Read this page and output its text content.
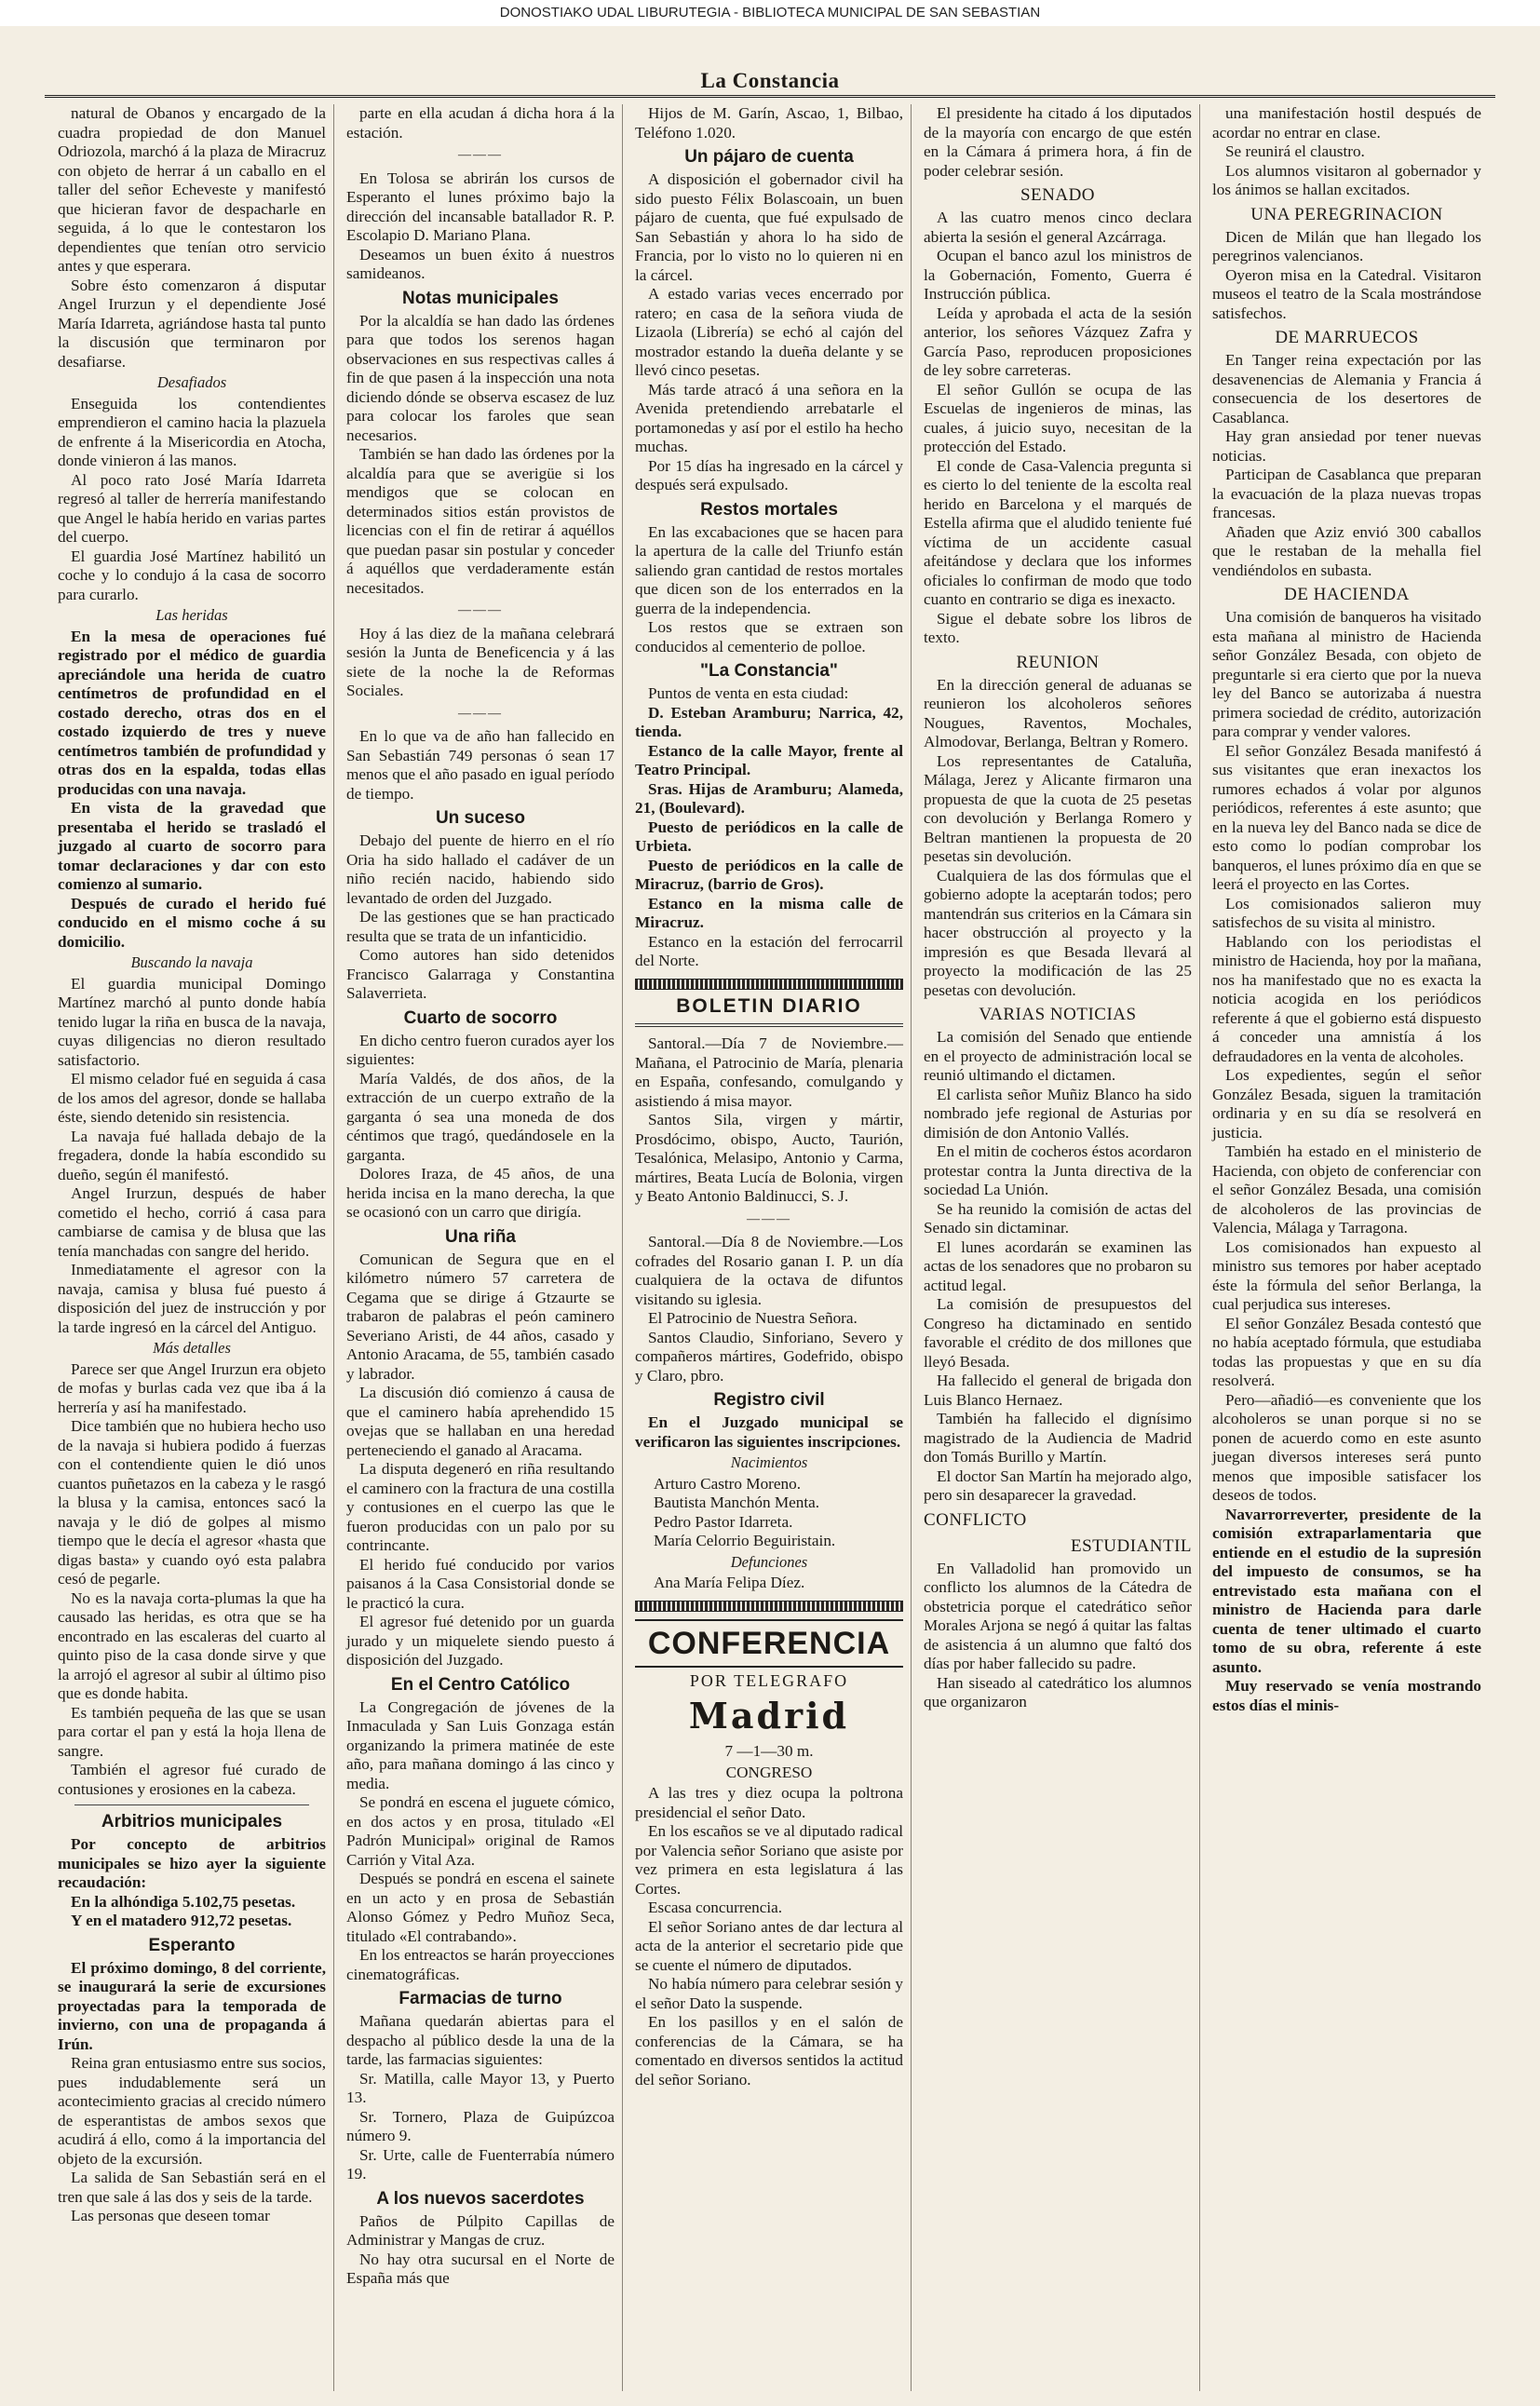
DONOSTIAKO UDAL LIBURUTEGIA - BIBLIOTECA MUNICIPAL DE SAN SEBASTIAN
La Constancia

natural de Obanos y encargado de la cuadra propiedad de don Manuel Odriozola, marchó á la plaza de Miracruz con objeto de herrar á un caballo en el taller del señor Echeveste y manifestó que hicieran favor de despacharle en seguida, á lo que le contestaron los dependientes que tenían otro servicio antes y que esperara.

Sobre ésto comenzaron á disputar Angel Irurzun y el dependiente José María Idarreta, agriándose hasta tal punto la discusión que terminaron por desafiarse.

Desafiados

Enseguida los contendientes emprendieron el camino hacia la plazuela de enfrente á la Misericordia en Atocha, donde vinieron á las manos.

Al poco rato José María Idarreta regresó al taller de herrería manifestando que Angel le había herido en varias partes del cuerpo.

El guardia José Martínez habilitó un coche y lo condujo á la casa de socorro para curarlo.

Las heridas

En la mesa de operaciones fué registrado por el médico de guardia apreciándole una herida de cuatro centímetros de profundidad en el costado derecho, otras dos en el costado izquierdo de tres y nueve centímetros también de profundidad y otras dos en la espalda, todas ellas producidas con una navaja.

En vista de la gravedad que presentaba el herido se trasladó el juzgado al cuarto de socorro para tomar declaraciones y dar con esto comienzo al sumario.

Después de curado el herido fué conducido en el mismo coche á su domicilio.

Buscando la navaja

El guardia municipal Domingo Martínez marchó al punto donde había tenido lugar la riña en busca de la navaja, cuyas diligencias no dieron resultado satisfactorio.

El mismo celador fué en seguida á casa de los amos del agresor, donde se hallaba éste, siendo detenido sin resistencia.

La navaja fué hallada debajo de la fregadera, donde la había escondido su dueño, según él manifestó.

Angel Irurzun, después de haber cometido el hecho, corrió á casa para cambiarse de camisa y de blusa que las tenía manchadas con sangre del herido.

Inmediatamente el agresor con la navaja, camisa y blusa fué puesto á disposición del juez de instrucción y por la tarde ingresó en la cárcel del Antiguo.

Más detalles

Parece ser que Angel Irurzun era objeto de mofas y burlas cada vez que iba á la herrería y así ha manifestado.

Dice también que no hubiera hecho uso de la navaja si hubiera podido á fuerzas con el contendiente quien le dió unos cuantos puñetazos en la cabeza y le rasgó la blusa y la camisa, entonces sacó la navaja y le dió de golpes al mismo tiempo que le decía el agresor «hasta que digas basta» y cuando oyó esta palabra cesó de pegarle.

No es la navaja corta-plumas la que ha causado las heridas, es otra que se ha encontrado en las escaleras del cuarto al quinto piso de la casa donde sirve y que la arrojó el agresor al subir al último piso que es donde habita.

Es también pequeña de las que se usan para cortar el pan y está la hoja llena de sangre.

También el agresor fué curado de contusiones y erosiones en la cabeza.

Arbitrios municipales

Por concepto de arbitrios municipales se hizo ayer la siguiente recaudación:

En la alhóndiga 5.102,75 pesetas.

Y en el matadero 912,72 pesetas.

Esperanto

El próximo domingo, 8 del corriente, se inaugurará la serie de excursiones proyectadas para la temporada de invierno, con una de propaganda á Irún.

Reina gran entusiasmo entre sus socios, pues indudablemente será un acontecimiento gracias al crecido número de esperantistas de ambos sexos que acudirá á ello, como á la importancia del objeto de la excursión.

La salida de San Sebastián será en el tren que sale á las dos y seis de la tarde.

Las personas que deseen tomar

parte en ella acudan á dicha hora á la estación.

———

En Tolosa se abrirán los cursos de Esperanto el lunes próximo bajo la dirección del incansable batallador R. P. Escolapio D. Mariano Plana.

Deseamos un buen éxito á nuestros samideanos.

Notas municipales

Por la alcaldía se han dado las órdenes para que todos los serenos hagan observaciones en sus respectivas calles á fin de que pasen á la inspección una nota diciendo dónde se observa escasez de luz para colocar los faroles que sean necesarios.

También se han dado las órdenes por la alcaldía para que se averigüe si los mendigos que se colocan en determinados sitios están provistos de licencias con el fin de retirar á aquéllos que puedan pasar sin postular y conceder á aquéllos que verdaderamente están necesitados.

———

Hoy á las diez de la mañana celebrará sesión la Junta de Beneficencia y á las siete de la noche la de Reformas Sociales.

———

En lo que va de año han fallecido en San Sebastián 749 personas ó sean 17 menos que el año pasado en igual período de tiempo.

Un suceso

Debajo del puente de hierro en el río Oria ha sido hallado el cadáver de un niño recién nacido, habiendo sido levantado de orden del Juzgado.

De las gestiones que se han practicado resulta que se trata de un infanticidio.

Como autores han sido detenidos Francisco Galarraga y Constantina Salaverrieta.

Cuarto de socorro

En dicho centro fueron curados ayer los siguientes:

María Valdés, de dos años, de la extracción de un cuerpo extraño de la garganta ó sea una moneda de dos céntimos que tragó, quedándosele en la garganta.

Dolores Iraza, de 45 años, de una herida incisa en la mano derecha, la que se ocasionó con un carro que dirigía.

Una riña

Comunican de Segura que en el kilómetro número 57 carretera de Cegama que se dirige á Gtzaurte se trabaron de palabras el peón caminero Severiano Aristi, de 44 años, casado y Antonio Aracama, de 55, también casado y labrador.

La discusión dió comienzo á causa de que el caminero había aprehendido 15 ovejas que se hallaban en una heredad perteneciendo el ganado al Aracama.

La disputa degeneró en riña resultando el caminero con la fractura de una costilla y contusiones en el cuerpo las que le fueron producidas con un palo por su contrincante.

El herido fué conducido por varios paisanos á la Casa Consistorial donde se le practicó la cura.

El agresor fué detenido por un guarda jurado y un miquelete siendo puesto á disposición del Juzgado.

En el Centro Católico

La Congregación de jóvenes de la Inmaculada y San Luis Gonzaga están organizando la primera matinée de este año, para mañana domingo á las cinco y media.

Se pondrá en escena el juguete cómico, en dos actos y en prosa, titulado «El Padrón Municipal» original de Ramos Carrión y Vital Aza.

Después se pondrá en escena el sainete en un acto y en prosa de Sebastián Alonso Gómez y Pedro Muñoz Seca, titulado «El contrabando».

En los entreactos se harán proyecciones cinematográficas.

Farmacias de turno

Mañana quedarán abiertas para el despacho al público desde la una de la tarde, las farmacias siguientes:

Sr. Matilla, calle Mayor 13, y Puerto 13.

Sr. Tornero, Plaza de Guipúzcoa número 9.

Sr. Urte, calle de Fuenterrabía número 19.

A los nuevos sacerdotes

Paños de Púlpito Capillas de Administrar y Mangas de cruz.

No hay otra sucursal en el Norte de España más que

Hijos de M. Garín, Ascao, 1, Bilbao, Teléfono 1.020.

Un pájaro de cuenta

A disposición el gobernador civil ha sido puesto Félix Bolascoain, un buen pájaro de cuenta, que fué expulsado de San Sebastián y ahora lo ha sido de Francia, por lo visto no lo quieren ni en la cárcel.

A estado varias veces encerrado por ratero; en casa de la señora viuda de Lizaola (Librería) se echó al cajón del mostrador estando la dueña delante y se llevó cinco pesetas.

Más tarde atracó á una señora en la Avenida pretendiendo arrebatarle el portamonedas y así por el estilo ha hecho muchas.

Por 15 días ha ingresado en la cárcel y después será expulsado.

Restos mortales

En las excabaciones que se hacen para la apertura de la calle del Triunfo están saliendo gran cantidad de restos mortales que dicen son de los enterrados en la guerra de la independencia.

Los restos que se extraen son conducidos al cementerio de polloe.

"La Constancia"

Puntos de venta en esta ciudad:

D. Esteban Aramburu; Narrica, 42, tienda.

Estanco de la calle Mayor, frente al Teatro Principal.

Sras. Hijas de Aramburu; Alameda, 21, (Boulevard).

Puesto de periódicos en la calle de Urbieta.

Puesto de periódicos en la calle de Miracruz, (barrio de Gros).

Estanco en la misma calle de Miracruz.

Estanco en la estación del ferrocarril del Norte.

BOLETIN DIARIO

Santoral.—Día 7 de Noviembre.—Mañana, el Patrocinio de María, plenaria en España, confesando, comulgando y asistiendo á misa mayor.

Santos Sila, virgen y mártir, Prosdócimo, obispo, Aucto, Taurión, Tesalónica, Melasipo, Antonio y Carma, mártires, Beata Lucía de Bolonia, virgen y Beato Antonio Baldinucci, S. J.

———

Santoral.—Día 8 de Noviembre.—Los cofrades del Rosario ganan I. P. un día cualquiera de la octava de difuntos visitando su iglesia.

El Patrocinio de Nuestra Señora.

Santos Claudio, Sinforiano, Severo y compañeros mártires, Godefrido, obispo y Claro, pbro.

Registro civil

En el Juzgado municipal se verificaron las siguientes inscripciones.

Nacimientos

Arturo Castro Moreno.

Bautista Manchón Menta.

Pedro Pastor Idarreta.

María Celorrio Beguiristain.

Defunciones

Ana María Felipa Díez.

CONFERENCIA
POR TELEGRAFO
Madrid
7 —1—30 m.
CONGRESO

A las tres y diez ocupa la poltrona presidencial el señor Dato.

En los escaños se ve al diputado radical por Valencia señor Soriano que asiste por vez primera en esta legislatura á las Cortes.

Escasa concurrencia.

El señor Soriano antes de dar lectura al acta de la anterior el secretario pide que se cuente el número de diputados.

No había número para celebrar sesión y el señor Dato la suspende.

En los pasillos y en el salón de conferencias de la Cámara, se ha comentado en diversos sentidos la actitud del señor Soriano.

El presidente ha citado á los diputados de la mayoría con encargo de que estén en la Cámara á primera hora, á fin de poder celebrar sesión.

SENADO

A las cuatro menos cinco declara abierta la sesión el general Azcárraga.

Ocupan el banco azul los ministros de la Gobernación, Fomento, Guerra é Instrucción pública.

Leída y aprobada el acta de la sesión anterior, los señores Vázquez Zafra y García Paso, reproducen proposiciones de ley sobre carreteras.

El señor Gullón se ocupa de las Escuelas de ingenieros de minas, las cuales, á juicio suyo, necesitan de la protección del Estado.

El conde de Casa-Valencia pregunta si es cierto lo del teniente de la escolta real herido en Barcelona y el marqués de Estella afirma que el aludido teniente fué víctima de un accidente casual afeitándose y declara que los informes oficiales lo confirman de modo que todo cuanto en contrario se diga es inexacto.

Sigue el debate sobre los libros de texto.

REUNION

En la dirección general de aduanas se reunieron los alcoholeros señores Nougues, Raventos, Mochales, Almodovar, Berlanga, Beltran y Romero.

Los representantes de Cataluña, Málaga, Jerez y Alicante firmaron una propuesta de que la cuota de 25 pesetas con devolución y Berlanga Romero y Beltran mantienen la propuesta de 20 pesetas sin devolución.

Cualquiera de las dos fórmulas que el gobierno adopte la aceptarán todos; pero mantendrán sus criterios en la Cámara sin hacer obstrucción al proyecto y la impresión es que Besada llevará al proyecto la modificación de las 25 pesetas con devolución.

VARIAS NOTICIAS

La comisión del Senado que entiende en el proyecto de administración local se reunió ultimando el dictamen.

El carlista señor Muñiz Blanco ha sido nombrado jefe regional de Asturias por dimisión de don Antonio Vallés.

En el mitin de cocheros éstos acordaron protestar contra la Junta directiva de la sociedad La Unión.

Se ha reunido la comisión de actas del Senado sin dictaminar.

El lunes acordarán se examinen las actas de los senadores que no probaron su actitud legal.

La comisión de presupuestos del Congreso ha dictaminado en sentido favorable el crédito de dos millones que lleyó Besada.

Ha fallecido el general de brigada don Luis Blanco Hernaez.

También ha fallecido el dignísimo magistrado de la Audiencia de Madrid don Tomás Burillo y Martín.

El doctor San Martín ha mejorado algo, pero sin desaparecer la gravedad.

CONFLICTO
ESTUDIANTIL

En Valladolid han promovido un conflicto los alumnos de la Cátedra de obstetricia porque el catedrático señor Morales Arjona se negó á quitar las faltas de asistencia á un alumno que faltó dos días por haber fallecido su padre.

Han siseado al catedrático los alumnos que organizaron

una manifestación hostil después de acordar no entrar en clase.

Se reunirá el claustro.

Los alumnos visitaron al gobernador y los ánimos se hallan excitados.

UNA PEREGRINACION

Dicen de Milán que han llegado los peregrinos valencianos.

Oyeron misa en la Catedral. Visitaron museos el teatro de la Scala mostrándose satisfechos.

DE MARRUECOS

En Tanger reina expectación por las desavenencias de Alemania y Francia á consecuencia de los desertores de Casablanca.

Hay gran ansiedad por tener nuevas noticias.

Participan de Casablanca que preparan la evacuación de la plaza nuevas tropas francesas.

Añaden que Aziz envió 300 caballos que le restaban de la mehalla fiel vendiéndolos en subasta.

DE HACIENDA

Una comisión de banqueros ha visitado esta mañana al ministro de Hacienda señor González Besada, con objeto de preguntarle si era cierto que por la nueva ley del Banco se autorizaba á nuestra primera sociedad de crédito, autorización para comprar y vender valores.

El señor González Besada manifestó á sus visitantes que eran inexactos los rumores echados á volar por algunos periódicos, referentes á este asunto; que en la nueva ley del Banco nada se dice de esto como lo podían comprobar los banqueros, el lunes próximo día en que se leerá el proyecto en las Cortes.

Los comisionados salieron muy satisfechos de su visita al ministro.

Hablando con los periodistas el ministro de Hacienda, hoy por la mañana, nos ha manifestado que no es exacta la noticia acogida en los periódicos referente á que el gobierno está dispuesto á conceder una amnistía á los defraudadores en la venta de alcoholes.

Los expedientes, según el señor González Besada, siguen la tramitación ordinaria y en su día se resolverá en justicia.

También ha estado en el ministerio de Hacienda, con objeto de conferenciar con el señor González Besada, una comisión de alcoholeros de las provincias de Valencia, Málaga y Tarragona.

Los comisionados han expuesto al ministro sus temores por haber aceptado éste la fórmula del señor Berlanga, la cual perjudica sus intereses.

El señor González Besada contestó que no había aceptado fórmula, que estudiaba todas las propuestas y que en su día resolverá.

Pero—añadió—es conveniente que los alcoholeros se unan porque si no se ponen de acuerdo como en este asunto juegan diversos intereses será punto menos que imposible satisfacer los deseos de todos.

Navarrorreverter, presidente de la comisión extraparlamentaria que entiende en el estudio de la supresión del impuesto de consumos, se ha entrevistado esta mañana con el ministro de Hacienda para darle cuenta de tener ultimado el cuarto tomo de su obra, referente á este asunto.

Muy reservado se venía mostrando estos días el minis-
